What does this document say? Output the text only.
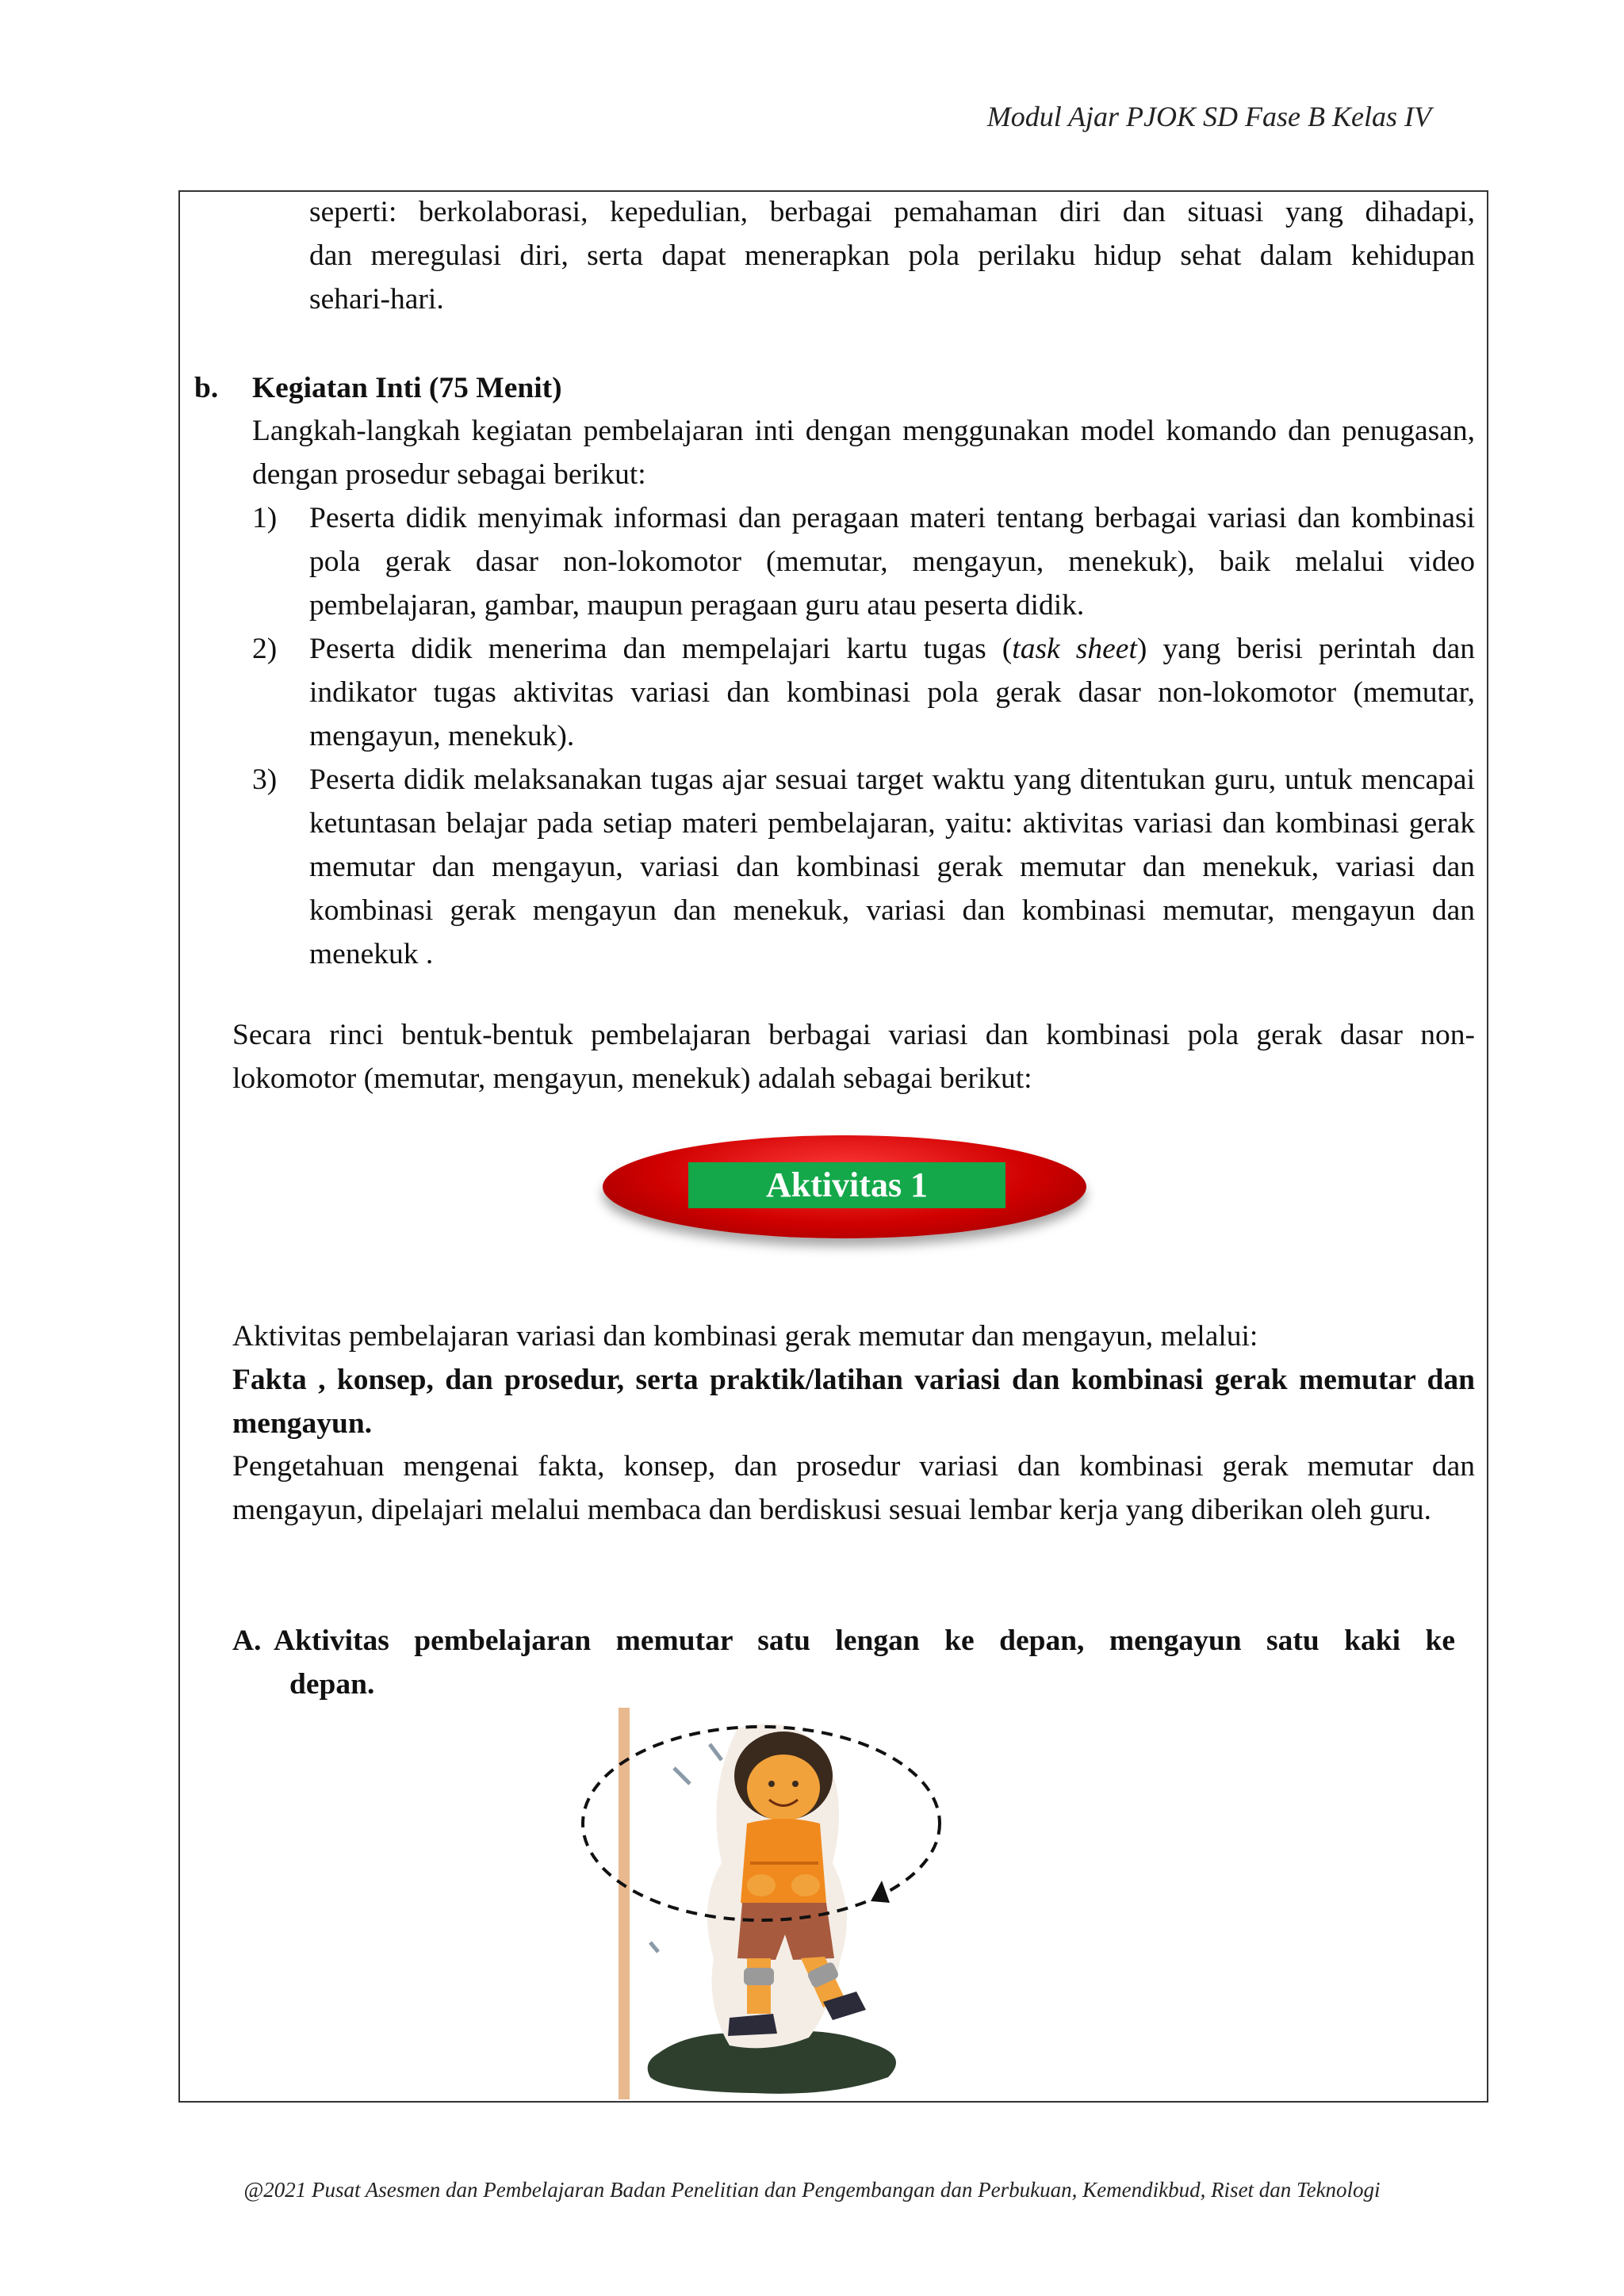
Modul Ajar PJOK SD Fase B Kelas IV
seperti: berkolaborasi, kepedulian, berbagai pemahaman diri dan situasi yang dihadapi,
dan meregulasi diri, serta dapat menerapkan pola perilaku hidup sehat dalam kehidupan
sehari-hari.
b. Kegiatan Inti (75 Menit)
Langkah-langkah kegiatan pembelajaran inti dengan menggunakan model komando dan penugasan, dengan prosedur sebagai berikut:
1) Peserta didik menyimak informasi dan peragaan materi tentang berbagai variasi dan kombinasi pola gerak dasar non-lokomotor (memutar, mengayun, menekuk), baik melalui video pembelajaran, gambar, maupun peragaan guru atau peserta didik.
2) Peserta didik menerima dan mempelajari kartu tugas (task sheet) yang berisi perintah dan indikator tugas aktivitas variasi dan kombinasi pola gerak dasar non-lokomotor (memutar, mengayun, menekuk).
3) Peserta didik melaksanakan tugas ajar sesuai target waktu yang ditentukan guru, untuk mencapai ketuntasan belajar pada setiap materi pembelajaran, yaitu: aktivitas variasi dan kombinasi gerak memutar dan mengayun, variasi dan kombinasi gerak memutar dan menekuk, variasi dan kombinasi gerak mengayun dan menekuk, variasi dan kombinasi memutar, mengayun dan menekuk .
Secara rinci bentuk-bentuk pembelajaran berbagai variasi dan kombinasi pola gerak dasar non-lokomotor (memutar, mengayun, menekuk) adalah sebagai berikut:
Aktivitas 1
Aktivitas pembelajaran variasi dan kombinasi gerak memutar dan mengayun, melalui:
Fakta , konsep, dan prosedur, serta praktik/latihan variasi dan kombinasi gerak memutar dan mengayun.
Pengetahuan mengenai fakta, konsep, dan prosedur variasi dan kombinasi gerak memutar dan mengayun, dipelajari melalui membaca dan berdiskusi sesuai lembar kerja yang diberikan oleh guru.
A. Aktivitas pembelajaran memutar satu lengan ke depan, mengayun satu kaki ke
depan.
@2021 Pusat Asesmen dan Pembelajaran Badan Penelitian dan Pengembangan dan Perbukuan, Kemendikbud, Riset dan Teknologi
